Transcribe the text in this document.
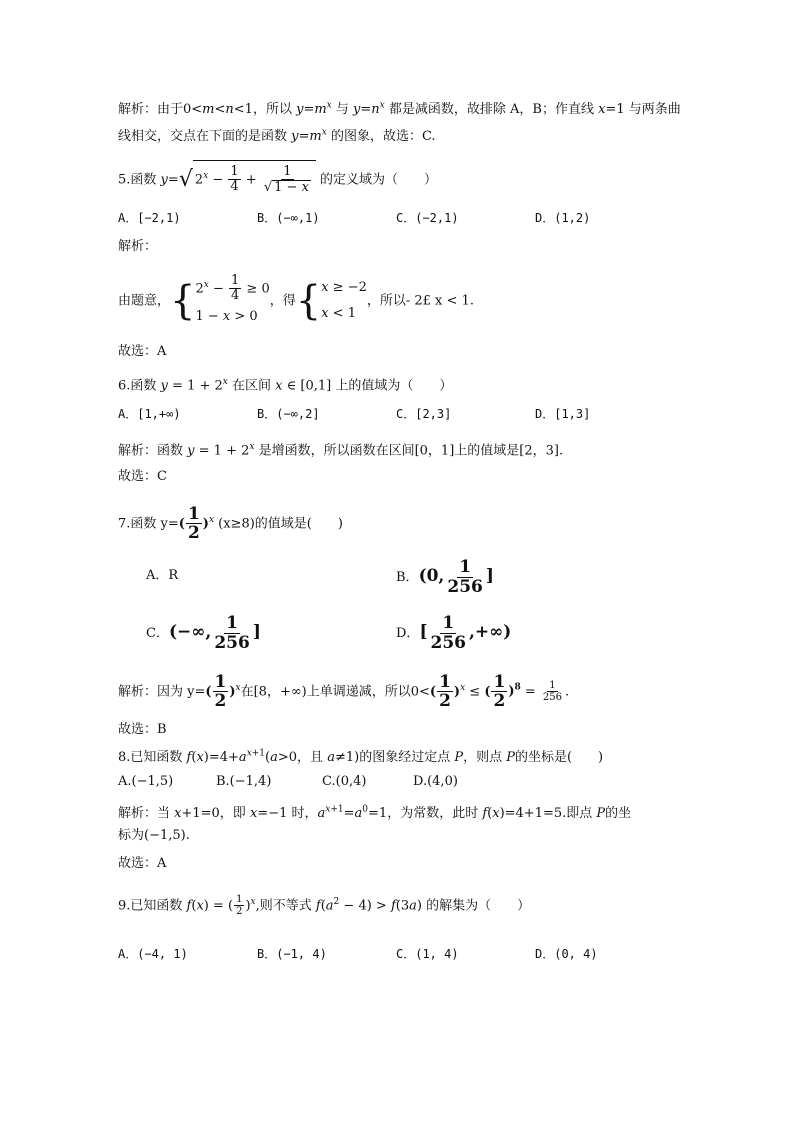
解析：由于0<m<n<1，所以 $y=m^x$ 与 $y=n^x$ 都是减函数，故排除 A，B；作直线 x=1 与两条曲
线相交，交点在下面的是函数 $y=m^x$ 的图象，故选：C.
5.函数 y=√ $2^x - \frac{1}{4} + \frac{1}{√ 1 - x}$ 的定义域为（　　）
A．[−2,1)	B．(−∞,1)	C．(−2,1)	D．(1,2)
解析：
由题意，{ $2^x - \frac{1}{4} \ge 0$
1 − x > 0
，得{ x ≥ −2
x < 1
，所以- 2£ x < 1.
故选：A
6.函数 $y = 1 + 2^x$ 在区间 x ∈ [0,1] 上的值域为（　　）
A．[1,+∞)	B．(−∞,2]	C．[2,3]	D．[1,3]
解析：函数 $y = 1 + 2^x$ 是增函数，所以函数在区间[0，1]上的值域是[2，3].
故选：C
7.函数 $y=( \frac{1}{2} )^x$ (x≥8)的值域是(　　)
A．R	B．(0, $\frac{1}{256}$ ]
C．(−∞, $\frac{1}{256}$ ]	D．[ $\frac{1}{256}$ ,+∞)
解析：因为 $y=( \frac{1}{2} )^x$在[8，+∞)上单调递减，所以$0<( \frac{1}{2} )^x$ ≤ ( $\frac{1}{2} )^8 = \frac{1}{256}$ .
故选：B
8.已知函数 $f(x)=4+a^{x+1}(a>0$，且 a≠1)的图象经过定点 P，则点 P的坐标是(　　)
A.(−1,5)	B.(−1,4)	C.(0,4)	D.(4,0)
解析：当 x+1=0，即 x=−1 时，$a^{x+1}=a^0=1$，为常数，此时 f(x)=4+1=5.即点 P的坐
标为(−1,5).
故选：A
9.已知函数 f(x) = ( $\frac{1}{2} )^x$,则不等式 $f(a^2 - 4) > f(3a)$ 的解集为（　　）
A．(−4, 1)	B．(−1, 4)	C．(1, 4)	D．(0, 4)
